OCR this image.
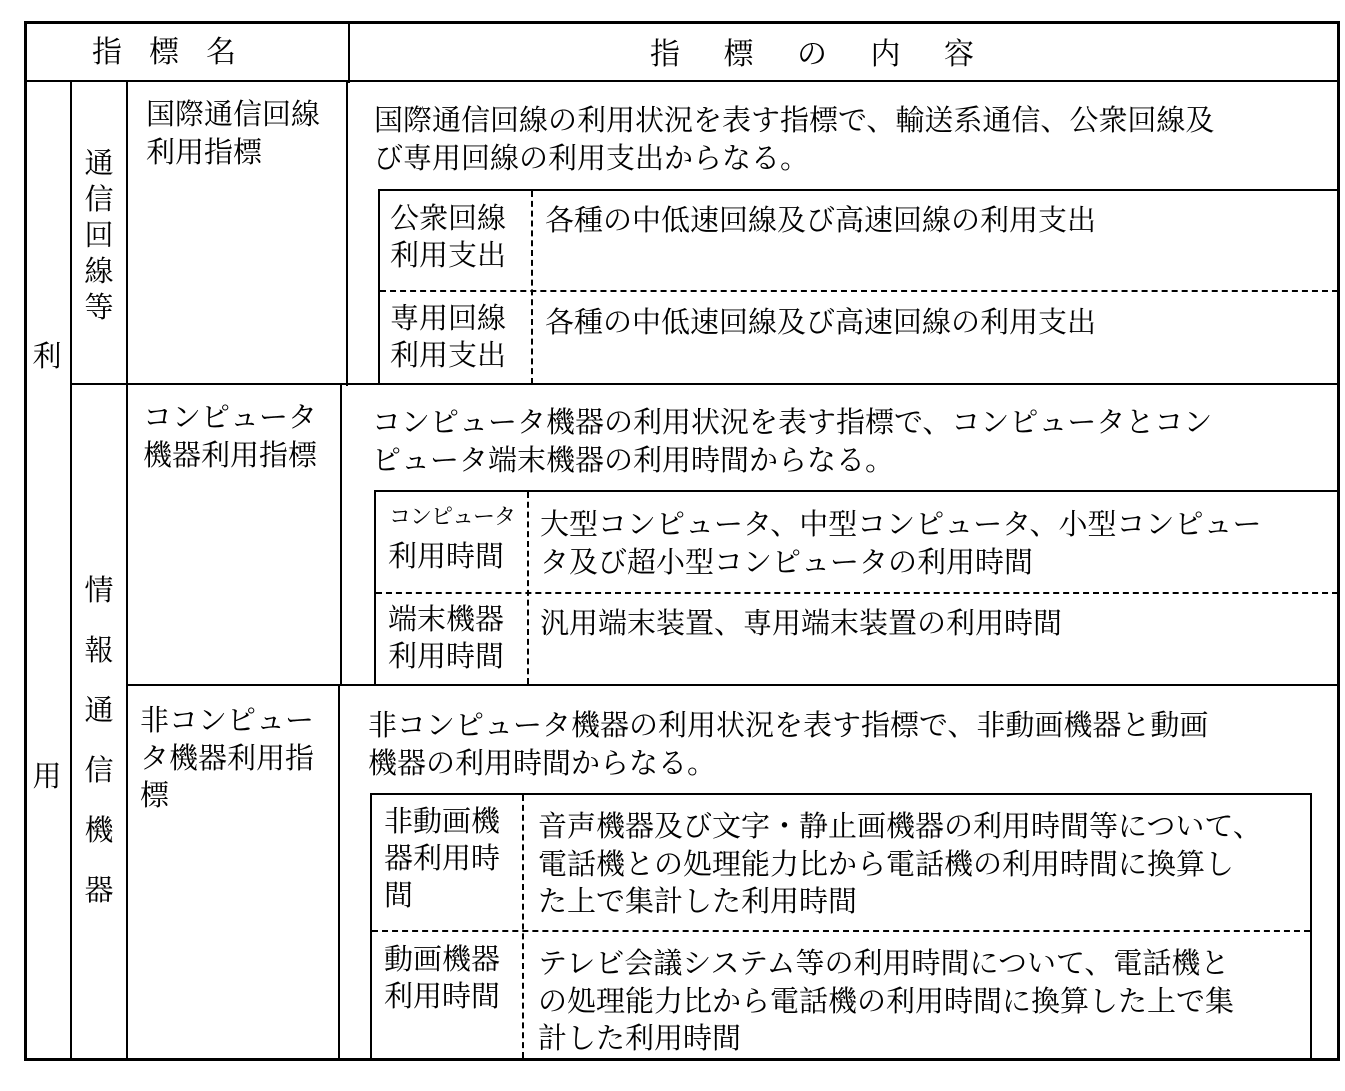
指標名	指標の内容
利
用
通
信
回
線
等
情
報
通
信
機
器
国際通信回線
利用指標
国際通信回線の利用状況を表す指標で、輸送系通信、公衆回線及
び専用回線の利用支出からなる。
公衆回線
利用支出
各種の中低速回線及び高速回線の利用支出
専用回線
利用支出
各種の中低速回線及び高速回線の利用支出
コンピュータ
機器利用指標
コンピュータ機器の利用状況を表す指標で、コンピュータとコン
ピュータ端末機器の利用時間からなる。
コンピュータ
利用時間
大型コンピュータ、中型コンピュータ、小型コンピュー
タ及び超小型コンピュータの利用時間
端末機器
利用時間
汎用端末装置、専用端末装置の利用時間
非コンピュー
タ機器利用指
標
非コンピュータ機器の利用状況を表す指標で、非動画機器と動画
機器の利用時間からなる。
非動画機
器利用時
間
音声機器及び文字・静止画機器の利用時間等について、
電話機との処理能力比から電話機の利用時間に換算し
た上で集計した利用時間
動画機器
利用時間
テレビ会議システム等の利用時間について、電話機と
の処理能力比から電話機の利用時間に換算した上で集
計した利用時間
